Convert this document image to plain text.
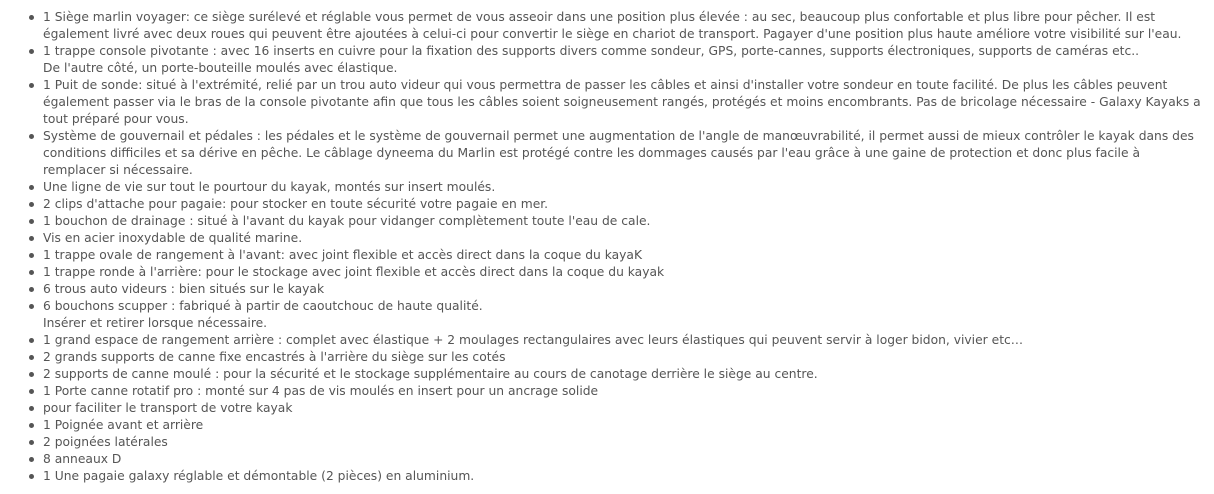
1 Siège marlin voyager: ce siège surélevé et réglable vous permet de vous asseoir dans une position plus élevée : au sec, beaucoup plus confortable et plus libre pour pêcher. Il est également livré avec deux roues qui peuvent être ajoutées à celui-ci pour convertir le siège en chariot de transport. Pagayer d'une position plus haute améliore votre visibilité sur l'eau.
1 trappe console pivotante : avec 16 inserts en cuivre pour la fixation des supports divers comme sondeur, GPS, porte-cannes, supports électroniques, supports de caméras etc..
De l'autre côté, un porte-bouteille moulés avec élastique.
1 Puit de sonde: situé à l'extrémité, relié par un trou auto videur qui vous permettra de passer les câbles et ainsi d'installer votre sondeur en toute facilité. De plus les câbles peuvent également passer via le bras de la console pivotante afin que tous les câbles soient soigneusement rangés, protégés et moins encombrants. Pas de bricolage nécessaire - Galaxy Kayaks a tout préparé pour vous.
Système de gouvernail et pédales : les pédales et le système de gouvernail permet une augmentation de l'angle de manœuvrabilité, il permet aussi de mieux contrôler le kayak dans des conditions difficiles et sa dérive en pêche. Le câblage dyneema du Marlin est protégé contre les dommages causés par l'eau grâce à une gaine de protection et donc plus facile à remplacer si nécessaire.
Une ligne de vie sur tout le pourtour du kayak, montés sur insert moulés.
2 clips d'attache pour pagaie: pour stocker en toute sécurité votre pagaie en mer.
1 bouchon de drainage : situé à l'avant du kayak pour vidanger complètement toute l'eau de cale.
Vis en acier inoxydable de qualité marine.
1 trappe ovale de rangement à l'avant: avec joint flexible et accès direct dans la coque du kayaK
1 trappe ronde à l'arrière: pour le stockage avec joint flexible et accès direct dans la coque du kayak
6 trous auto videurs : bien situés sur le kayak
6 bouchons scupper : fabriqué à partir de caoutchouc de haute qualité.
Insérer et retirer lorsque nécessaire.
1 grand espace de rangement arrière : complet avec élastique + 2 moulages rectangulaires avec leurs élastiques qui peuvent servir à loger bidon, vivier etc…
2 grands supports de canne fixe encastrés à l'arrière du siège sur les cotés
2 supports de canne moulé : pour la sécurité et le stockage supplémentaire au cours de canotage derrière le siège au centre.
1 Porte canne rotatif pro : monté sur 4 pas de vis moulés en insert pour un ancrage solide
pour faciliter le transport de votre kayak
1 Poignée avant et arrière
2 poignées latérales
8 anneaux D
1 Une pagaie galaxy réglable et démontable (2 pièces) en aluminium.
